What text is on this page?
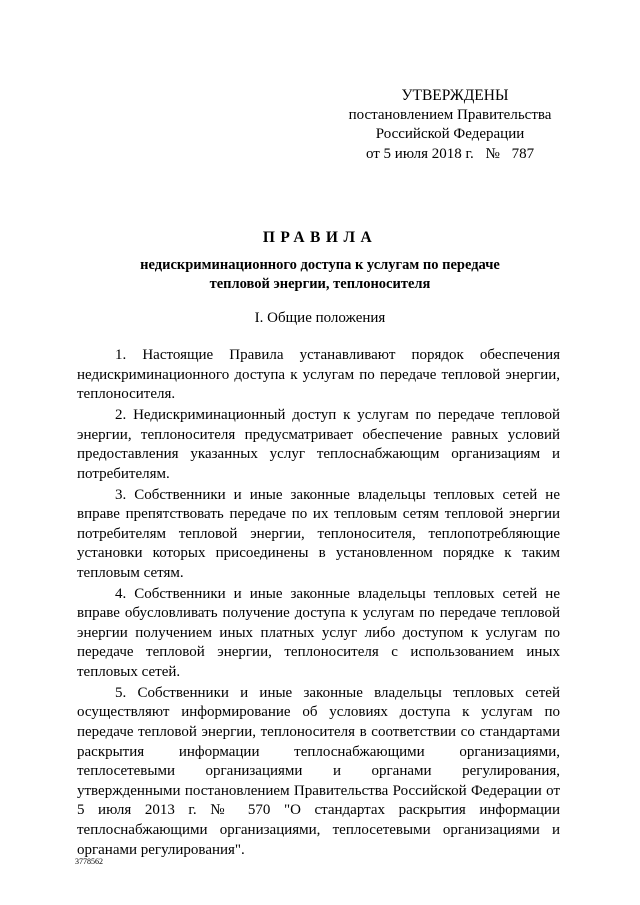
УТВЕРЖДЕНЫ
постановлением Правительства
Российской Федерации
от 5 июля 2018 г. № 787
ПРАВИЛА
недискриминационного доступа к услугам по передаче
тепловой энергии, теплоносителя
I. Общие положения

1. Настоящие Правила устанавливают порядок обеспечения недискриминационного доступа к услугам по передаче тепловой энергии, теплоносителя.

2. Недискриминационный доступ к услугам по передаче тепловой энергии, теплоносителя предусматривает обеспечение равных условий предоставления указанных услуг теплоснабжающим организациям и потребителям.

3. Собственники и иные законные владельцы тепловых сетей не вправе препятствовать передаче по их тепловым сетям тепловой энергии потребителям тепловой энергии, теплоносителя, теплопотребляющие установки которых присоединены в установленном порядке к таким тепловым сетям.

4. Собственники и иные законные владельцы тепловых сетей не вправе обусловливать получение доступа к услугам по передаче тепловой энергии получением иных платных услуг либо доступом к услугам по передаче тепловой энергии, теплоносителя с использованием иных тепловых сетей.

5. Собственники и иные законные владельцы тепловых сетей осуществляют информирование об условиях доступа к услугам по передаче тепловой энергии, теплоносителя в соответствии со стандартами раскрытия информации теплоснабжающими организациями, теплосетевыми организациями и органами регулирования, утвержденными постановлением Правительства Российской Федерации от 5 июля 2013 г. № 570 "О стандартах раскрытия информации теплоснабжающими организациями, теплосетевыми организациями и органами регулирования".

3778562
